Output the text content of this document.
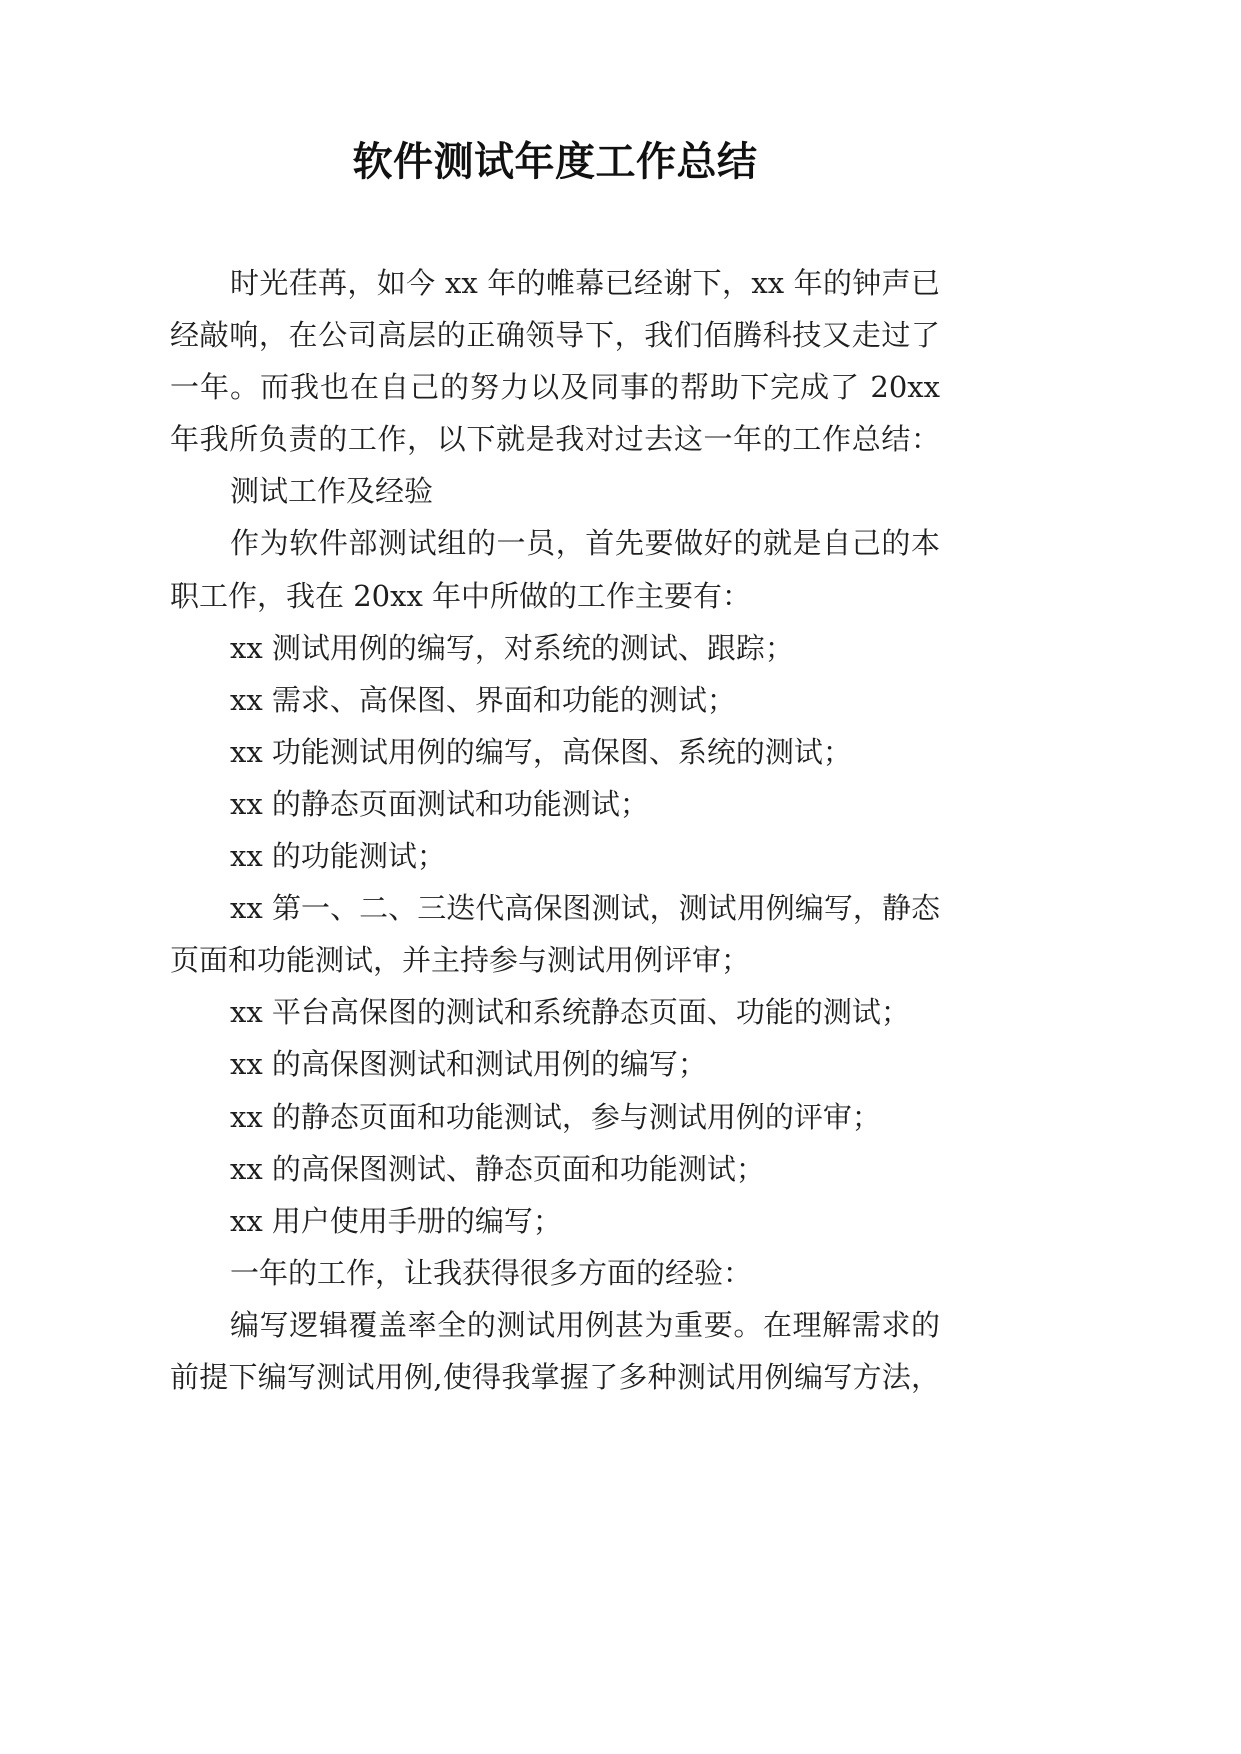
软件测试年度工作总结
时光荏苒，如今 xx 年的帷幕已经谢下，xx 年的钟声已
经敲响，在公司高层的正确领导下，我们佰腾科技又走过了
一年。而我也在自己的努力以及同事的帮助下完成了 20xx
年我所负责的工作，以下就是我对过去这一年的工作总结：
测试工作及经验
作为软件部测试组的一员，首先要做好的就是自己的本
职工作，我在 20xx 年中所做的工作主要有：
xx 测试用例的编写，对系统的测试、跟踪；
xx 需求、高保图、界面和功能的测试；
xx 功能测试用例的编写，高保图、系统的测试；
xx 的静态页面测试和功能测试；
xx 的功能测试；
xx 第一、二、三迭代高保图测试，测试用例编写，静态
页面和功能测试，并主持参与测试用例评审；
xx 平台高保图的测试和系统静态页面、功能的测试；
xx 的高保图测试和测试用例的编写；
xx 的静态页面和功能测试，参与测试用例的评审；
xx 的高保图测试、静态页面和功能测试；
xx 用户使用手册的编写；
一年的工作，让我获得很多方面的经验：
编写逻辑覆盖率全的测试用例甚为重要。在理解需求的
前提下编写测试用例,使得我掌握了多种测试用例编写方法，
